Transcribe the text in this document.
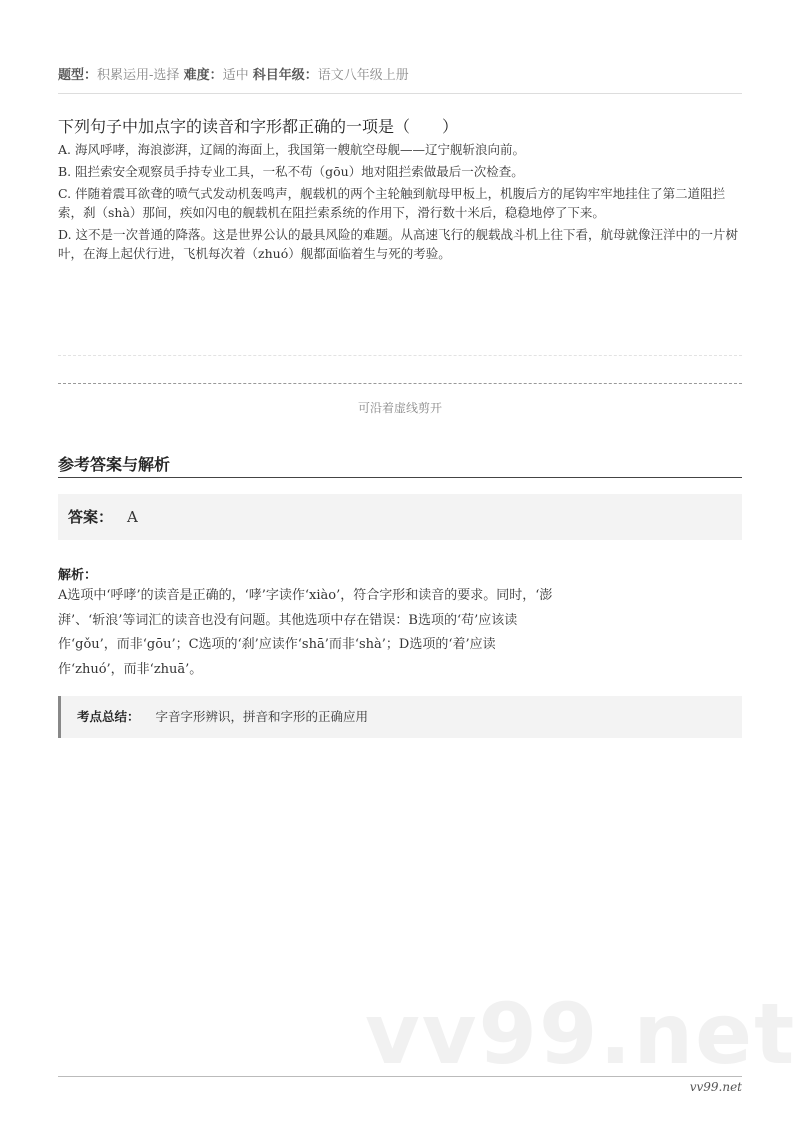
题型：积累运用-选择 难度：适中 科目年级：语文八年级上册
下列句子中加点字的读音和字形都正确的一项是（　　）
A. 海风呼哮，海浪澎湃，辽阔的海面上，我国第一艘航空母舰——辽宁舰斩浪向前。
B. 阻拦索安全观察员手持专业工具，一私不苟（gōu）地对阻拦索做最后一次检查。
C. 伴随着震耳欲聋的喷气式发动机轰鸣声，舰载机的两个主轮触到航母甲板上，机腹后方的尾钩牢牢地挂住了第二道阻拦索，刹（shà）那间，疾如闪电的舰载机在阻拦索系统的作用下，滑行数十米后，稳稳地停了下来。
D. 这不是一次普通的降落。这是世界公认的最具风险的难题。从高速飞行的舰载战斗机上往下看，航母就像汪洋中的一片树叶，在海上起伏行进，飞机每次着（zhuó）舰都面临着生与死的考验。
可沿着虚线剪开
参考答案与解析
答案： A
解析：
A选项中‘呼哮’的读音是正确的，‘哮’字读作‘xiào’，符合字形和读音的要求。同时，‘澎
湃’、‘斩浪’等词汇的读音也没有问题。其他选项中存在错误：B选项的‘苟’应该读
作‘gǒu’，而非‘gōu’；C选项的‘刹’应读作‘shā’而非‘shà’；D选项的‘着’应读
作‘zhuó’，而非‘zhuā’。
考点总结： 字音字形辨识，拼音和字形的正确应用
vv99.net
vv99.net
